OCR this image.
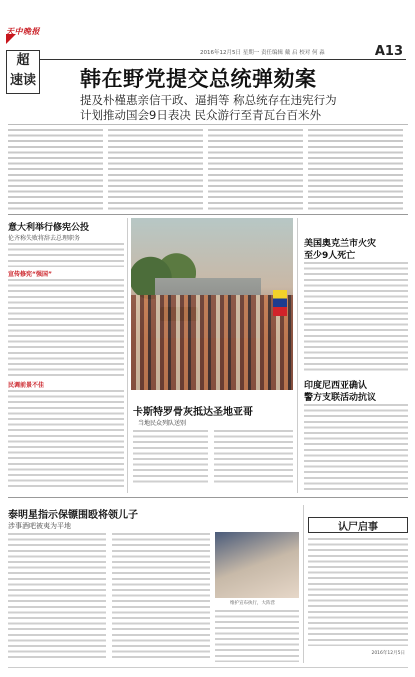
天中晚报
超
速读
2016年12月5日 星期一 责任编辑 戴 启 校对 何 淼	A13
韩在野党提交总统弹劾案
提及朴槿惠亲信干政、逼捐等 称总统存在违宪行为
计划推动国会9日表决 民众游行至青瓦台百米外
意大利举行修宪公投
伦齐称失败将辞去总理职务
宣传修宪“强国”
民调前景不佳
卡斯特罗骨灰抵达圣地亚哥
当地民众列队送别
美国奥克兰市火灾
至少9人死亡
印度尼西亚确认
警方支联活动抗议
泰明星指示保镖围殴将领儿子
涉事酒吧被夷为平地
维护宣布执行，大阵营
认尸启事
2016年12月5日
